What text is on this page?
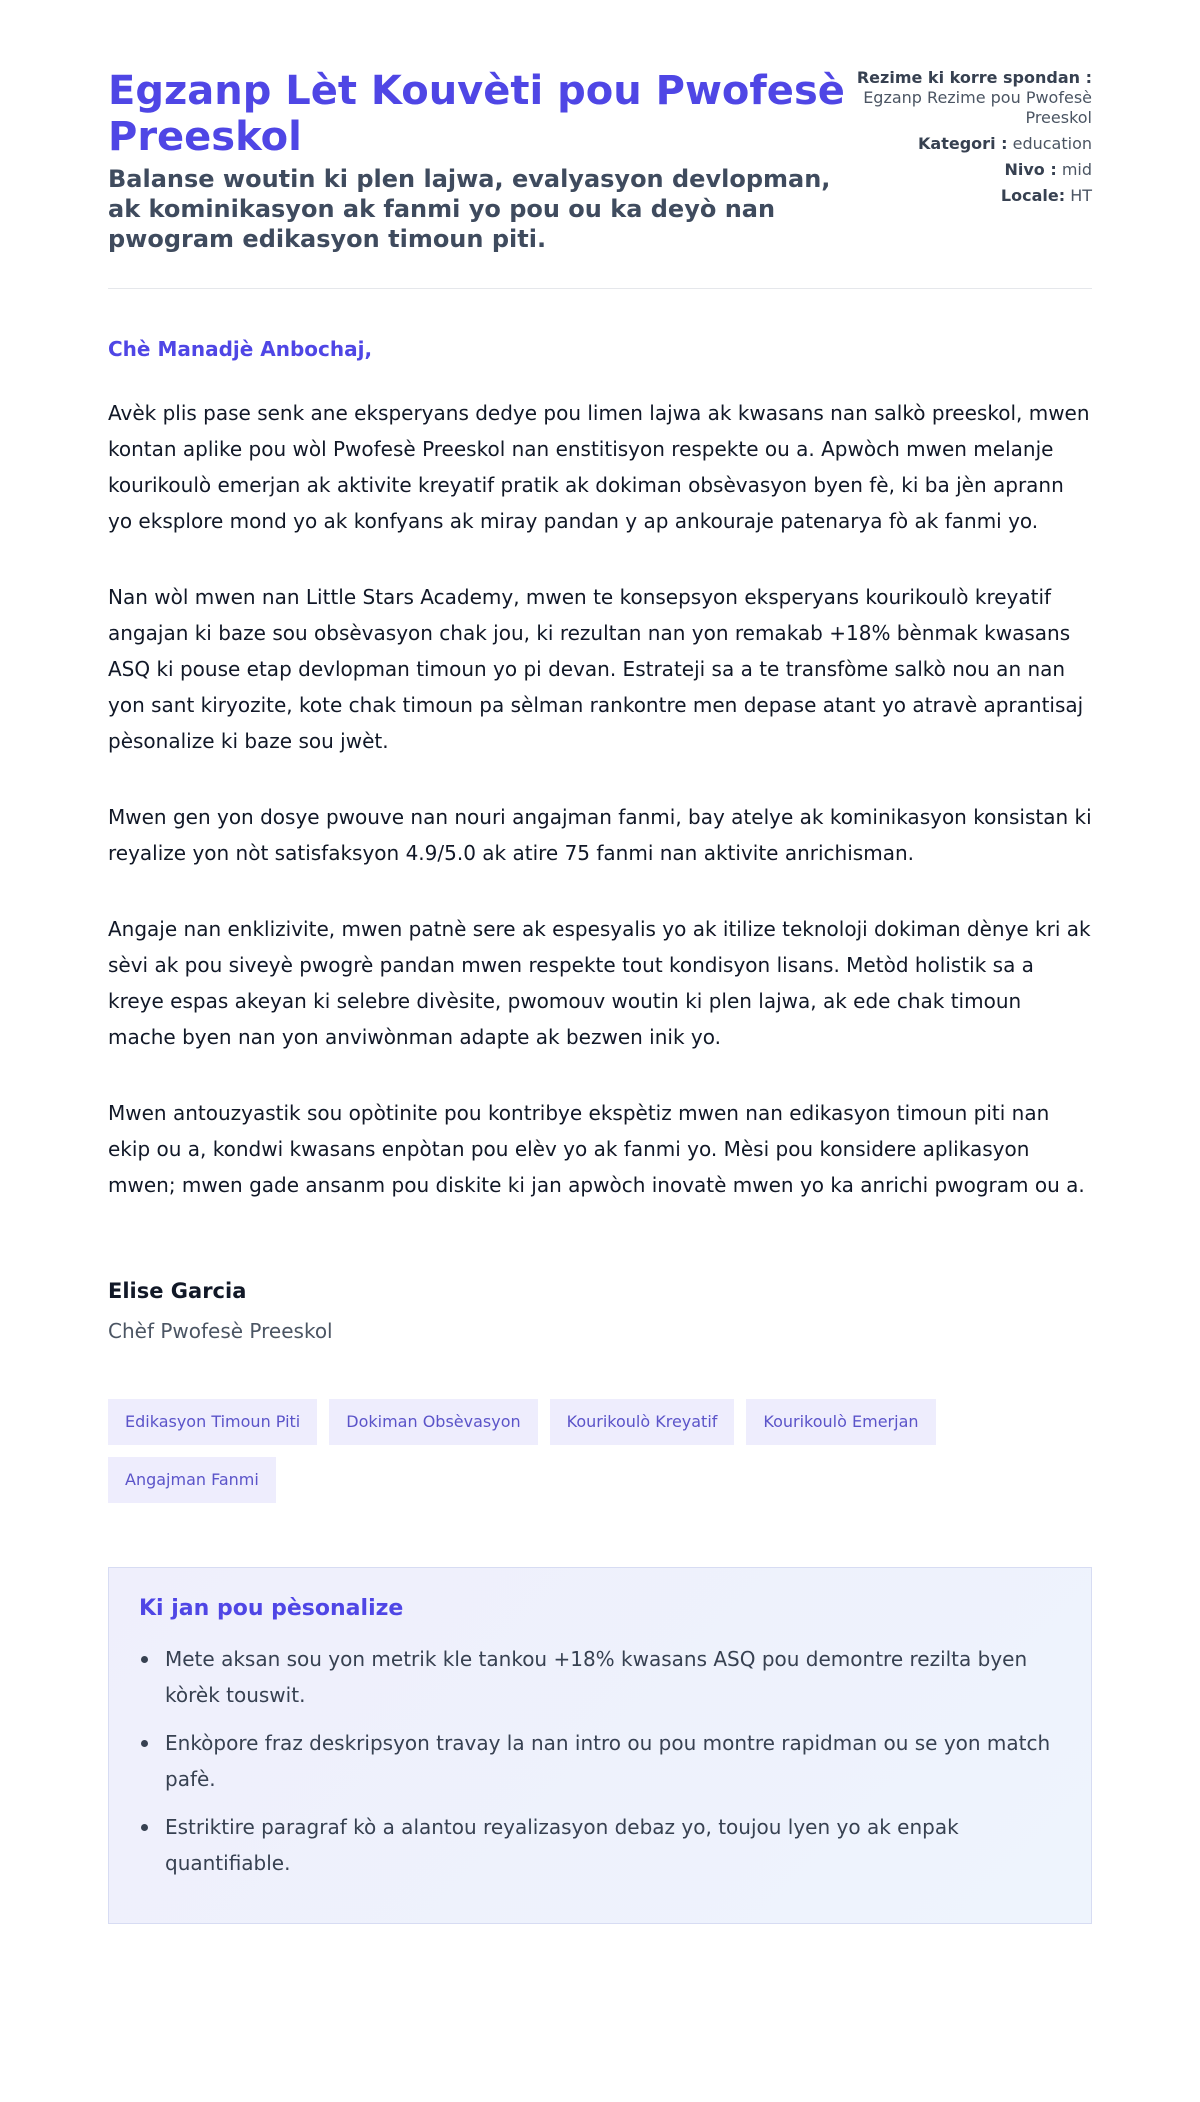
Egzanp Lèt Kouvèti pou Pwofesè Preeskol
Balanse woutin ki plen lajwa, evalyasyon devlopman, ak kominikasyon ak fanmi yo pou ou ka deyò nan pwogram edikasyon timoun piti.
Rezime ki korre spondan : Egzanp Rezime pou Pwofesè Preeskol
Kategori : education
Nivo : mid
Locale: HT

Chè Manadjè Anbochaj,

Avèk plis pase senk ane eksperyans dedye pou limen lajwa ak kwasans nan salkò preeskol, mwen kontan aplike pou wòl Pwofesè Preeskol nan enstitisyon respekte ou a. Apwòch mwen melanje kourikoulò emerjan ak aktivite kreyatif pratik ak dokiman obsèvasyon byen fè, ki ba jèn aprann yo eksplore mond yo ak konfyans ak miray pandan y ap ankouraje patenarya fò ak fanmi yo.

Nan wòl mwen nan Little Stars Academy, mwen te konsepsyon eksperyans kourikoulò kreyatif angajan ki baze sou obsèvasyon chak jou, ki rezultan nan yon remakab +18% bènmak kwasans ASQ ki pouse etap devlopman timoun yo pi devan. Estrateji sa a te transfòme salkò nou an nan yon sant kiryozite, kote chak timoun pa sèlman rankontre men depase atant yo atravè aprantisaj pèsonalize ki baze sou jwèt.

Mwen gen yon dosye pwouve nan nouri angajman fanmi, bay atelye ak kominikasyon konsistan ki reyalize yon nòt satisfaksyon 4.9/5.0 ak atire 75 fanmi nan aktivite anrichisman.

Angaje nan enklizivite, mwen patnè sere ak espesyalis yo ak itilize teknoloji dokiman dènye kri ak sèvi ak pou siveyè pwogrè pandan mwen respekte tout kondisyon lisans. Metòd holistik sa a kreye espas akeyan ki selebre divèsite, pwomouv woutin ki plen lajwa, ak ede chak timoun mache byen nan yon anviwònman adapte ak bezwen inik yo.

Mwen antouzyastik sou opòtinite pou kontribye ekspètiz mwen nan edikasyon timoun piti nan ekip ou a, kondwi kwasans enpòtan pou elèv yo ak fanmi yo. Mèsi pou konsidere aplikasyon mwen; mwen gade ansanm pou diskite ki jan apwòch inovatè mwen yo ka anrichi pwogram ou a.

Elise Garcia
Chèf Pwofesè Preeskol
Edikasyon Timoun Piti	Dokiman Obsèvasyon	Kourikoulò Kreyatif	Kourikoulò Emerjan
Angajman Fanmi
Ki jan pou pèsonalize
Mete aksan sou yon metrik kle tankou +18% kwasans ASQ pou demontre rezilta byen kòrèk touswit.
Enkòpore fraz deskripsyon travay la nan intro ou pou montre rapidman ou se yon match pafè.
Estriktire paragraf kò a alantou reyalizasyon debaz yo, toujou lyen yo ak enpak quantifiable.
